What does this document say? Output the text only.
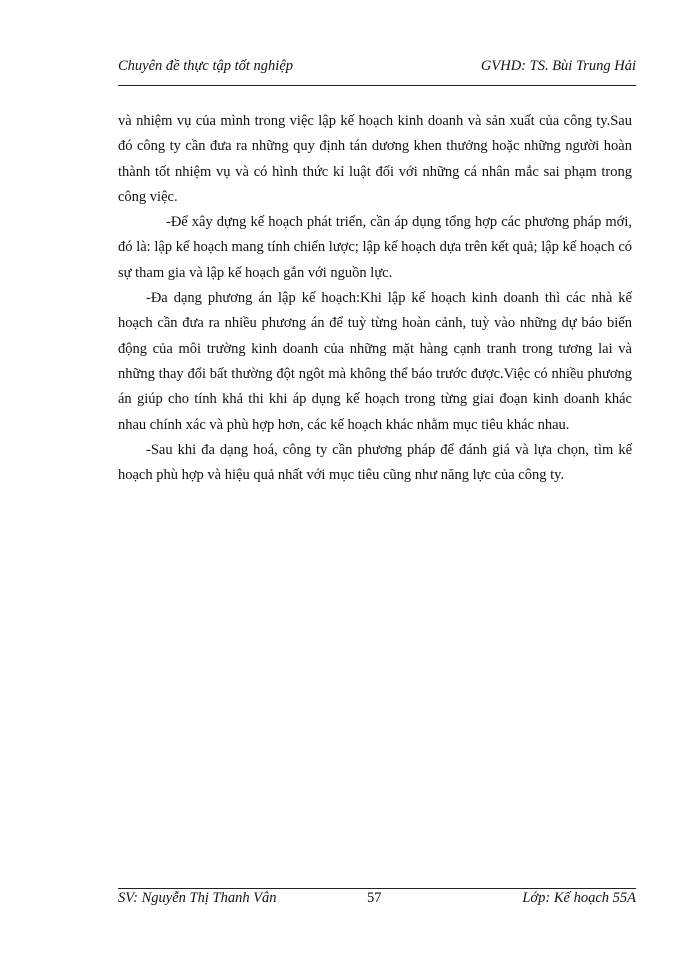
Chuyên đề thực tập tốt nghiệp	GVHD: TS. Bùi Trung Hải

và nhiệm vụ của mình trong việc lập kế hoạch kinh doanh và sản xuất của công ty.Sau đó công ty cần đưa ra những quy định tán dương khen thưởng hoặc những người hoàn thành tốt nhiệm vụ và có hình thức kỉ luật đối với những cá nhân mắc sai phạm trong công việc.

-Để xây dựng kế hoạch phát triển, cần áp dụng tổng hợp các phương pháp mới, đó là: lập kế hoạch mang tính chiến lược; lập kế hoạch dựa trên kết quả; lập kế hoạch có sự tham gia và lập kế hoạch gắn với nguồn lực.

-Đa dạng phương án lập kế hoạch:Khi lập kế hoạch kinh doanh thì các nhà kế hoạch cần đưa ra nhiều phương án để tuỳ từng hoàn cảnh, tuỳ vào những dự báo biến động của môi trường kinh doanh của những mặt hàng cạnh tranh trong tương lai và những thay đổi bất thường đột ngôt mà không thể báo trước được.Việc có nhiều phương án giúp cho tính khả thi khi áp dụng kế hoạch trong từng giai đoạn kinh doanh khác nhau chính xác và phù hợp hơn, các kế hoạch khác nhằm mục tiêu khác nhau.

-Sau khi đa dạng hoá, công ty cần phương pháp để đánh giá và lựa chọn, tìm kế hoạch phù hợp và hiệu quả nhất với mục tiêu cũng như năng lực của công ty.

SV: Nguyễn Thị Thanh Vân	57	Lớp: Kế hoạch 55A
